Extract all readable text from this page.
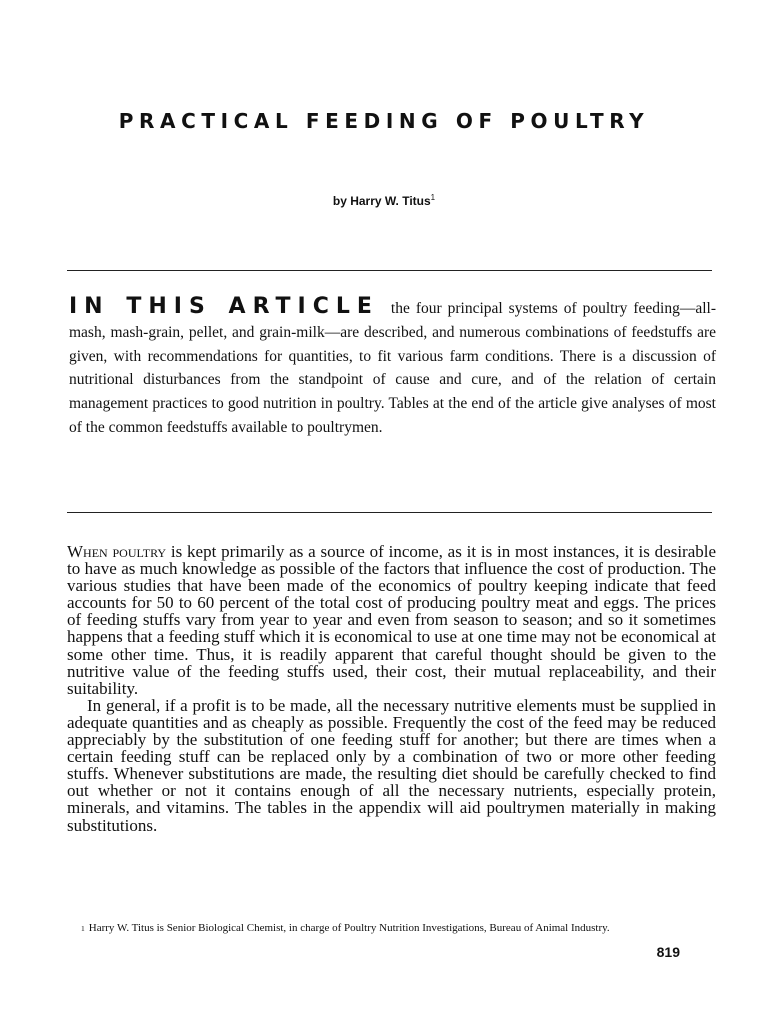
PRACTICAL FEEDING OF POULTRY
by Harry W. Titus$^1$

IN THIS ARTICLE the four principal systems of poultry feeding—all-mash, mash-grain, pellet, and grain-milk—are described, and numerous combinations of feedstuffs are given, with recommendations for quantities, to fit various farm conditions. There is a discussion of nutritional disturbances from the standpoint of cause and cure, and of the relation of certain management practices to good nutrition in poultry. Tables at the end of the article give analyses of most of the common feedstuffs available to poultrymen.

When poultry is kept primarily as a source of income, as it is in most instances, it is desirable to have as much knowledge as possible of the factors that influence the cost of production. The various studies that have been made of the economics of poultry keeping indicate that feed accounts for 50 to 60 percent of the total cost of producing poultry meat and eggs. The prices of feeding stuffs vary from year to year and even from season to season; and so it sometimes happens that a feeding stuff which it is economical to use at one time may not be economical at some other time. Thus, it is readily apparent that careful thought should be given to the nutritive value of the feeding stuffs used, their cost, their mutual replaceability, and their suitability.

In general, if a profit is to be made, all the necessary nutritive elements must be supplied in adequate quantities and as cheaply as possible. Frequently the cost of the feed may be reduced appreciably by the substitution of one feeding stuff for another; but there are times when a certain feeding stuff can be replaced only by a combination of two or more other feeding stuffs. Whenever substitutions are made, the resulting diet should be carefully checked to find out whether or not it contains enough of all the necessary nutrients, especially protein, minerals, and vitamins. The tables in the appendix will aid poultrymen materially in making substitutions.

$^1$ Harry W. Titus is Senior Biological Chemist, in charge of Poultry Nutrition Investigations, Bureau of Animal Industry.

819
